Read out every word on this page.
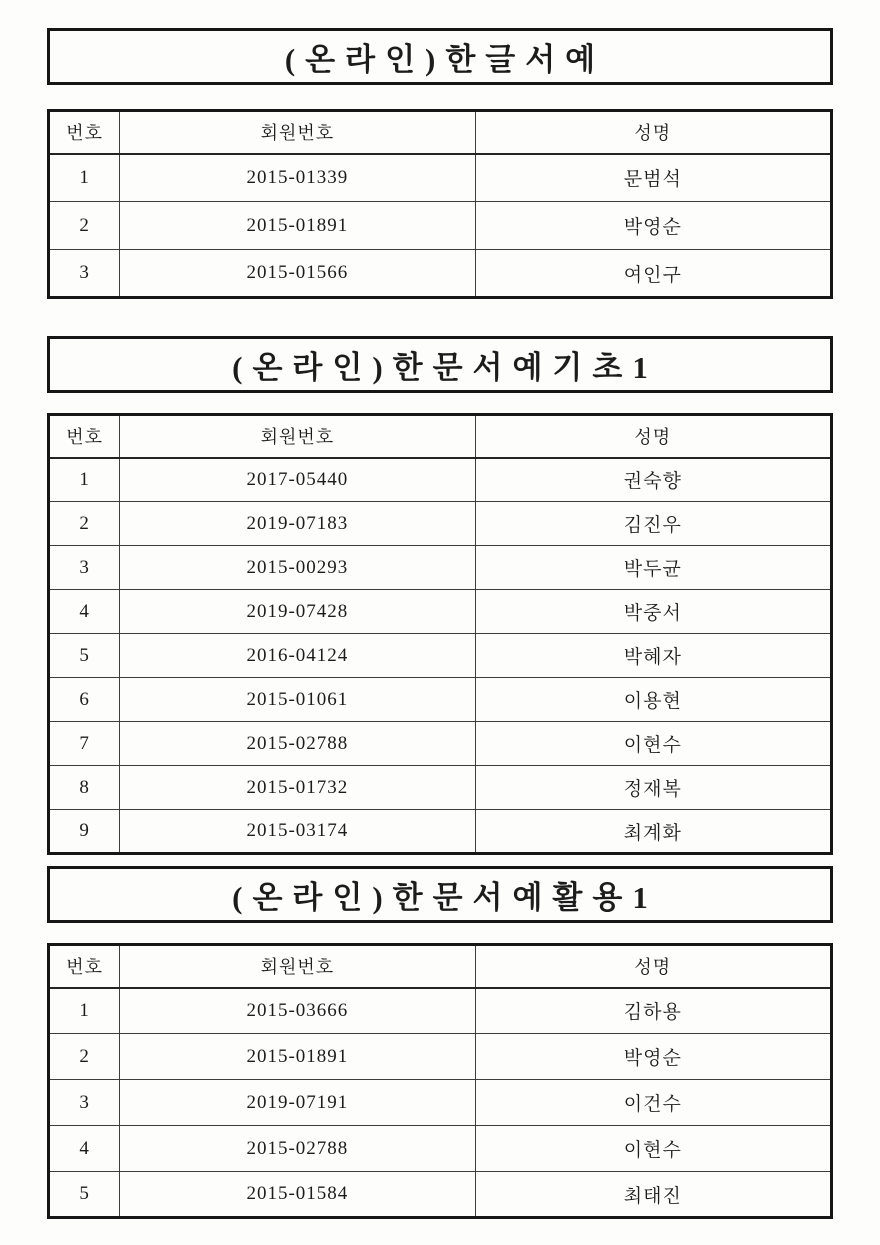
(온라인)한글서예
번호	회원번호	성명
1	2015-01339	문범석
2	2015-01891	박영순
3	2015-01566	여인구
(온라인)한문서예기초1
번호	회원번호	성명
1	2017-05440	권숙향
2	2019-07183	김진우
3	2015-00293	박두균
4	2019-07428	박중서
5	2016-04124	박혜자
6	2015-01061	이용현
7	2015-02788	이현수
8	2015-01732	정재복
9	2015-03174	최계화
(온라인)한문서예활용1
번호	회원번호	성명
1	2015-03666	김하용
2	2015-01891	박영순
3	2019-07191	이건수
4	2015-02788	이현수
5	2015-01584	최태진
